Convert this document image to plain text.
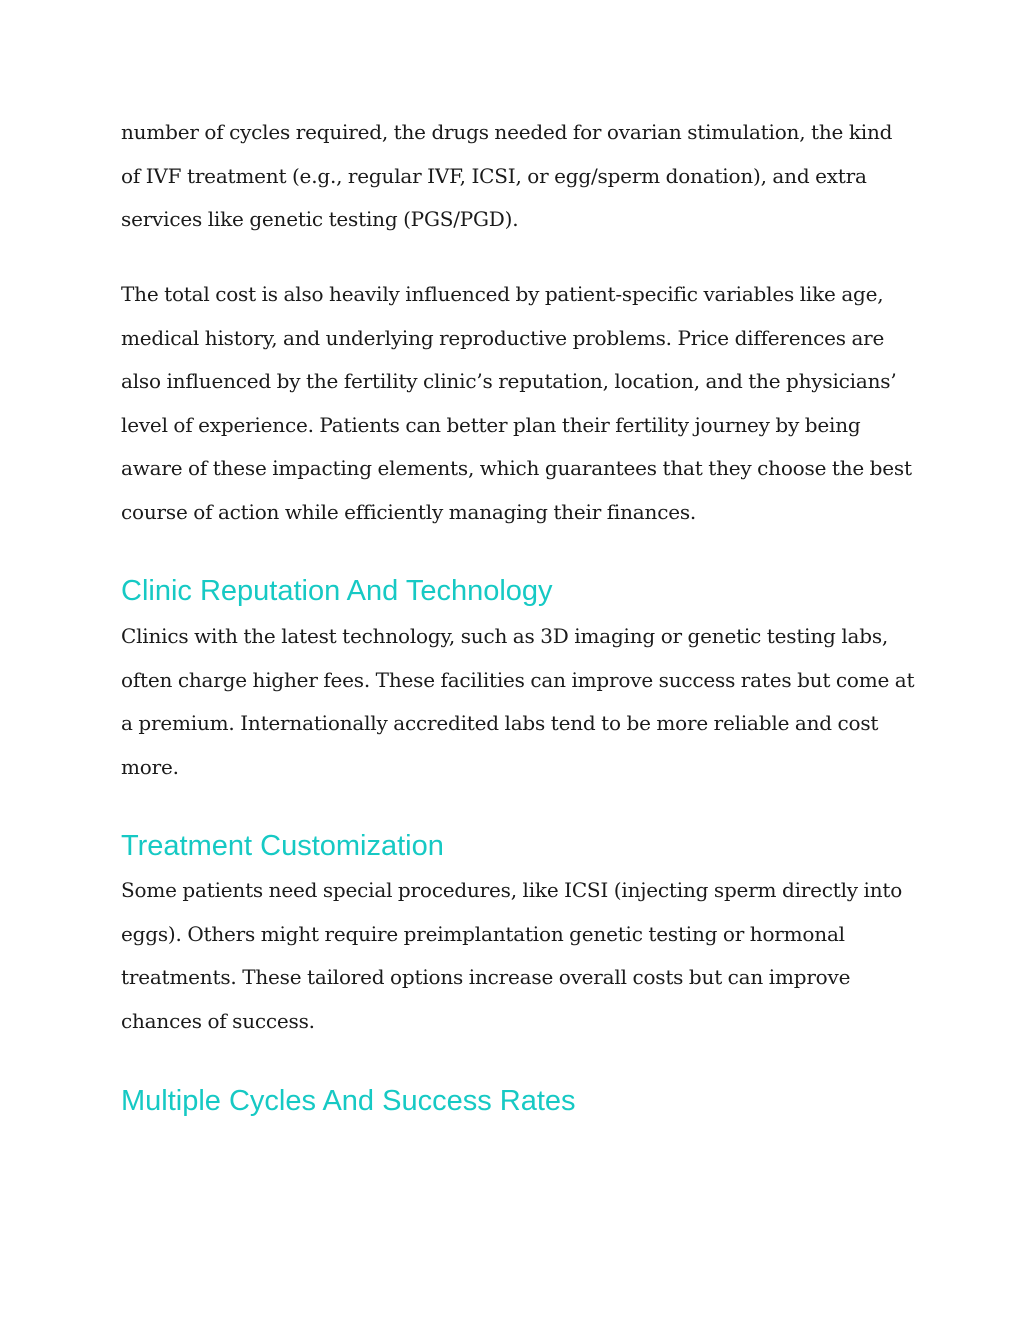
number of cycles required, the drugs needed for ovarian stimulation, the kind
of IVF treatment (e.g., regular IVF, ICSI, or egg/sperm donation), and extra
services like genetic testing (PGS/PGD).

The total cost is also heavily influenced by patient-specific variables like age,
medical history, and underlying reproductive problems. Price differences are
also influenced by the fertility clinic’s reputation, location, and the physicians’
level of experience. Patients can better plan their fertility journey by being
aware of these impacting elements, which guarantees that they choose the best
course of action while efficiently managing their finances.

Clinic Reputation And Technology

Clinics with the latest technology, such as 3D imaging or genetic testing labs,
often charge higher fees. These facilities can improve success rates but come at
a premium. Internationally accredited labs tend to be more reliable and cost
more.

Treatment Customization

Some patients need special procedures, like ICSI (injecting sperm directly into
eggs). Others might require preimplantation genetic testing or hormonal
treatments. These tailored options increase overall costs but can improve
chances of success.

Multiple Cycles And Success Rates
